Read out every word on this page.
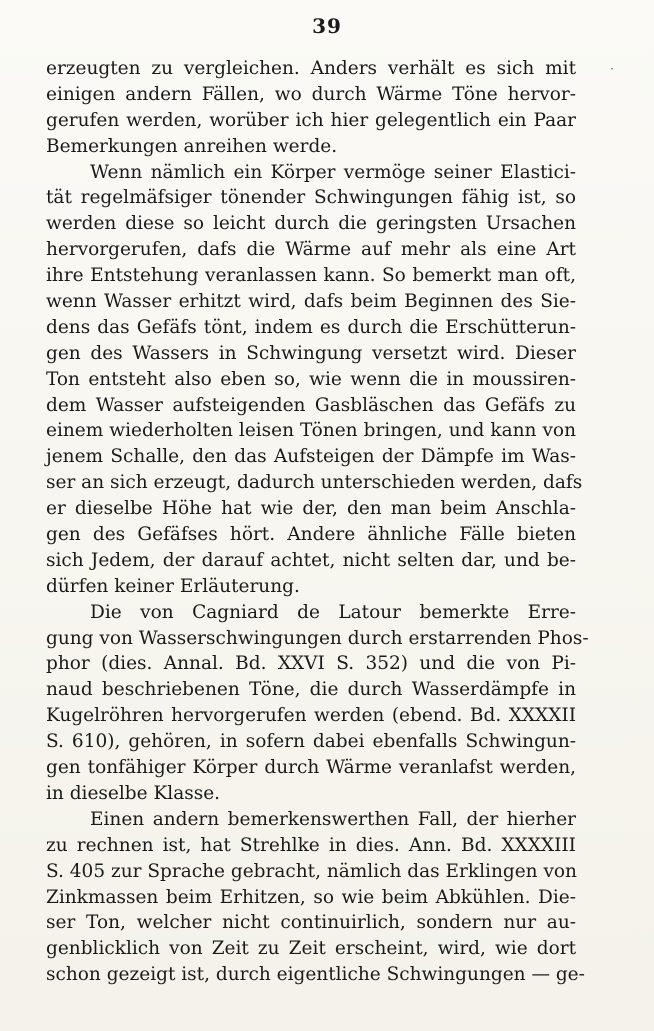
39
·
erzeugten zu vergleichen. Anders verhält es sich mit
einigen andern Fällen, wo durch Wärme Töne hervor-
gerufen werden, worüber ich hier gelegentlich ein Paar
Bemerkungen anreihen werde.
Wenn nämlich ein Körper vermöge seiner Elastici-
tät regelmäfsiger tönender Schwingungen fähig ist, so
werden diese so leicht durch die geringsten Ursachen
hervorgerufen, dafs die Wärme auf mehr als eine Art
ihre Entstehung veranlassen kann. So bemerkt man oft,
wenn Wasser erhitzt wird, dafs beim Beginnen des Sie-
dens das Gefäfs tönt, indem es durch die Erschütterun-
gen des Wassers in Schwingung versetzt wird. Dieser
Ton entsteht also eben so, wie wenn die in moussiren-
dem Wasser aufsteigenden Gasbläschen das Gefäfs zu
einem wiederholten leisen Tönen bringen, und kann von
jenem Schalle, den das Aufsteigen der Dämpfe im Was-
ser an sich erzeugt, dadurch unterschieden werden, dafs
er dieselbe Höhe hat wie der, den man beim Anschla-
gen des Gefäfses hört. Andere ähnliche Fälle bieten
sich Jedem, der darauf achtet, nicht selten dar, und be-
dürfen keiner Erläuterung.
Die von Cagniard de Latour bemerkte Erre-
gung von Wasserschwingungen durch erstarrenden Phos-
phor (dies. Annal. Bd. XXVI S. 352) und die von Pi-
naud beschriebenen Töne, die durch Wasserdämpfe in
Kugelröhren hervorgerufen werden (ebend. Bd. XXXXII
S. 610), gehören, in sofern dabei ebenfalls Schwingun-
gen tonfähiger Körper durch Wärme veranlafst werden,
in dieselbe Klasse.
Einen andern bemerkenswerthen Fall, der hierher
zu rechnen ist, hat Strehlke in dies. Ann. Bd. XXXXIII
S. 405 zur Sprache gebracht, nämlich das Erklingen von
Zinkmassen beim Erhitzen, so wie beim Abkühlen. Die-
ser Ton, welcher nicht continuirlich, sondern nur au-
genblicklich von Zeit zu Zeit erscheint, wird, wie dort
schon gezeigt ist, durch eigentliche Schwingungen — ge-
